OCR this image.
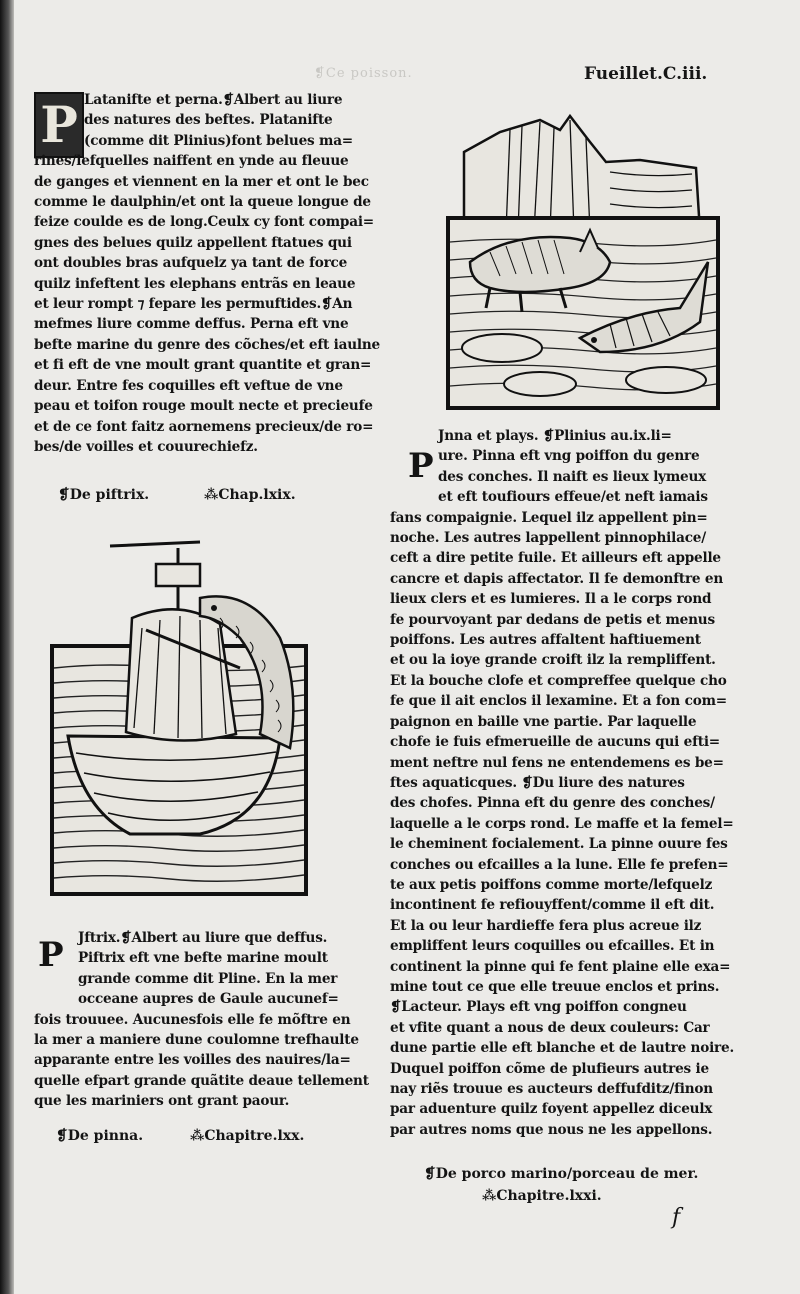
❡Ce poisson.	Fueillet.C.iii.
P Latanifte et perna.❡Albert au liure

des natures des beftes. Platanifte

(comme dit Plinius)font belues ma=

rines/lefquelles naiffent en ynde au fleuue

de ganges et viennent en la mer et ont le bec

comme le daulphin/et ont la queue longue de

feize coulde es de long.Ceulx cy font compai=

gnes des belues quilz appellent ftatues qui

ont doubles bras aufquelz ya tant de force

quilz infeftent les elephans entrãs en leaue

et leur rompt ⁊ fepare les permuftides.❡An

mefmes liure comme deffus. Perna eft vne

befte marine du genre des cõches/et eft iaulne

et fi eft de vne moult grant quantite et gran=

deur. Entre fes coquilles eft veftue de vne

peau et toifon rouge moult necte et precieufe

et de ce font faitz aornemens precieux/de ro=

bes/de voilles et couurechiefz.

❡De piftrix.	⁂Chap.lxix.
P	Jftrix.❡Albert au liure que deffus.

Piftrix eft vne befte marine moult

grande comme dit Pline. En la mer

occeane aupres de Gaule aucunef=

fois trouuee. Aucunesfois elle fe mõftre en

la mer a maniere dune coulomne trefhaulte

apparante entre les voilles des nauires/la=

quelle efpart grande quãtite deaue tellement

que les mariniers ont grant paour.

❡De pinna.	⁂Chapitre.lxx.
P

Jnna et plays. ❡Plinius au.ix.li=

ure. Pinna eft vng poiffon du genre

des conches. Il naift es lieux lymeux

et eft toufiours effeue/et neft iamais

fans compaignie. Lequel ilz appellent pin=

noche. Les autres lappellent pinnophilace/

ceft a dire petite fuile. Et ailleurs eft appelle

cancre et dapis affectator. Il fe demonftre en

lieux clers et es lumieres. Il a le corps rond

fe pourvoyant par dedans de petis et menus

poiffons. Les autres affaltent haftiuement

et ou la ioye grande croift ilz la rempliffent.

Et la bouche clofe et compreffee quelque cho

fe que il ait enclos il lexamine. Et a fon com=

paignon en baille vne partie. Par laquelle

chofe ie fuis efmerueille de aucuns qui efti=

ment neftre nul fens ne entendemens es be=

ftes aquaticques. ❡Du liure des natures

des chofes. Pinna eft du genre des conches/

laquelle a le corps rond. Le maffe et la femel=

le cheminent focialement. La pinne ouure fes

conches ou efcailles a la lune. Elle fe prefen=

te aux petis poiffons comme morte/lefquelz

incontinent fe refiouyffent/comme il eft dit.

Et la ou leur hardieffe fera plus acreue ilz

empliffent leurs coquilles ou efcailles. Et in

continent la pinne qui fe fent plaine elle exa=

mine tout ce que elle treuue enclos et prins.

❡Lacteur. Plays eft vng poiffon congneu

et vfite quant a nous de deux couleurs: Car

dune partie elle eft blanche et de lautre noire.

Duquel poiffon cõme de plufieurs autres ie

nay riẽs trouue es aucteurs deffufditz/finon

par aduenture quilz foyent appellez diceulx

par autres noms que nous ne les appellons.

❡De porco marino/porceau de mer.
⁂Chapitre.lxxi.
f
